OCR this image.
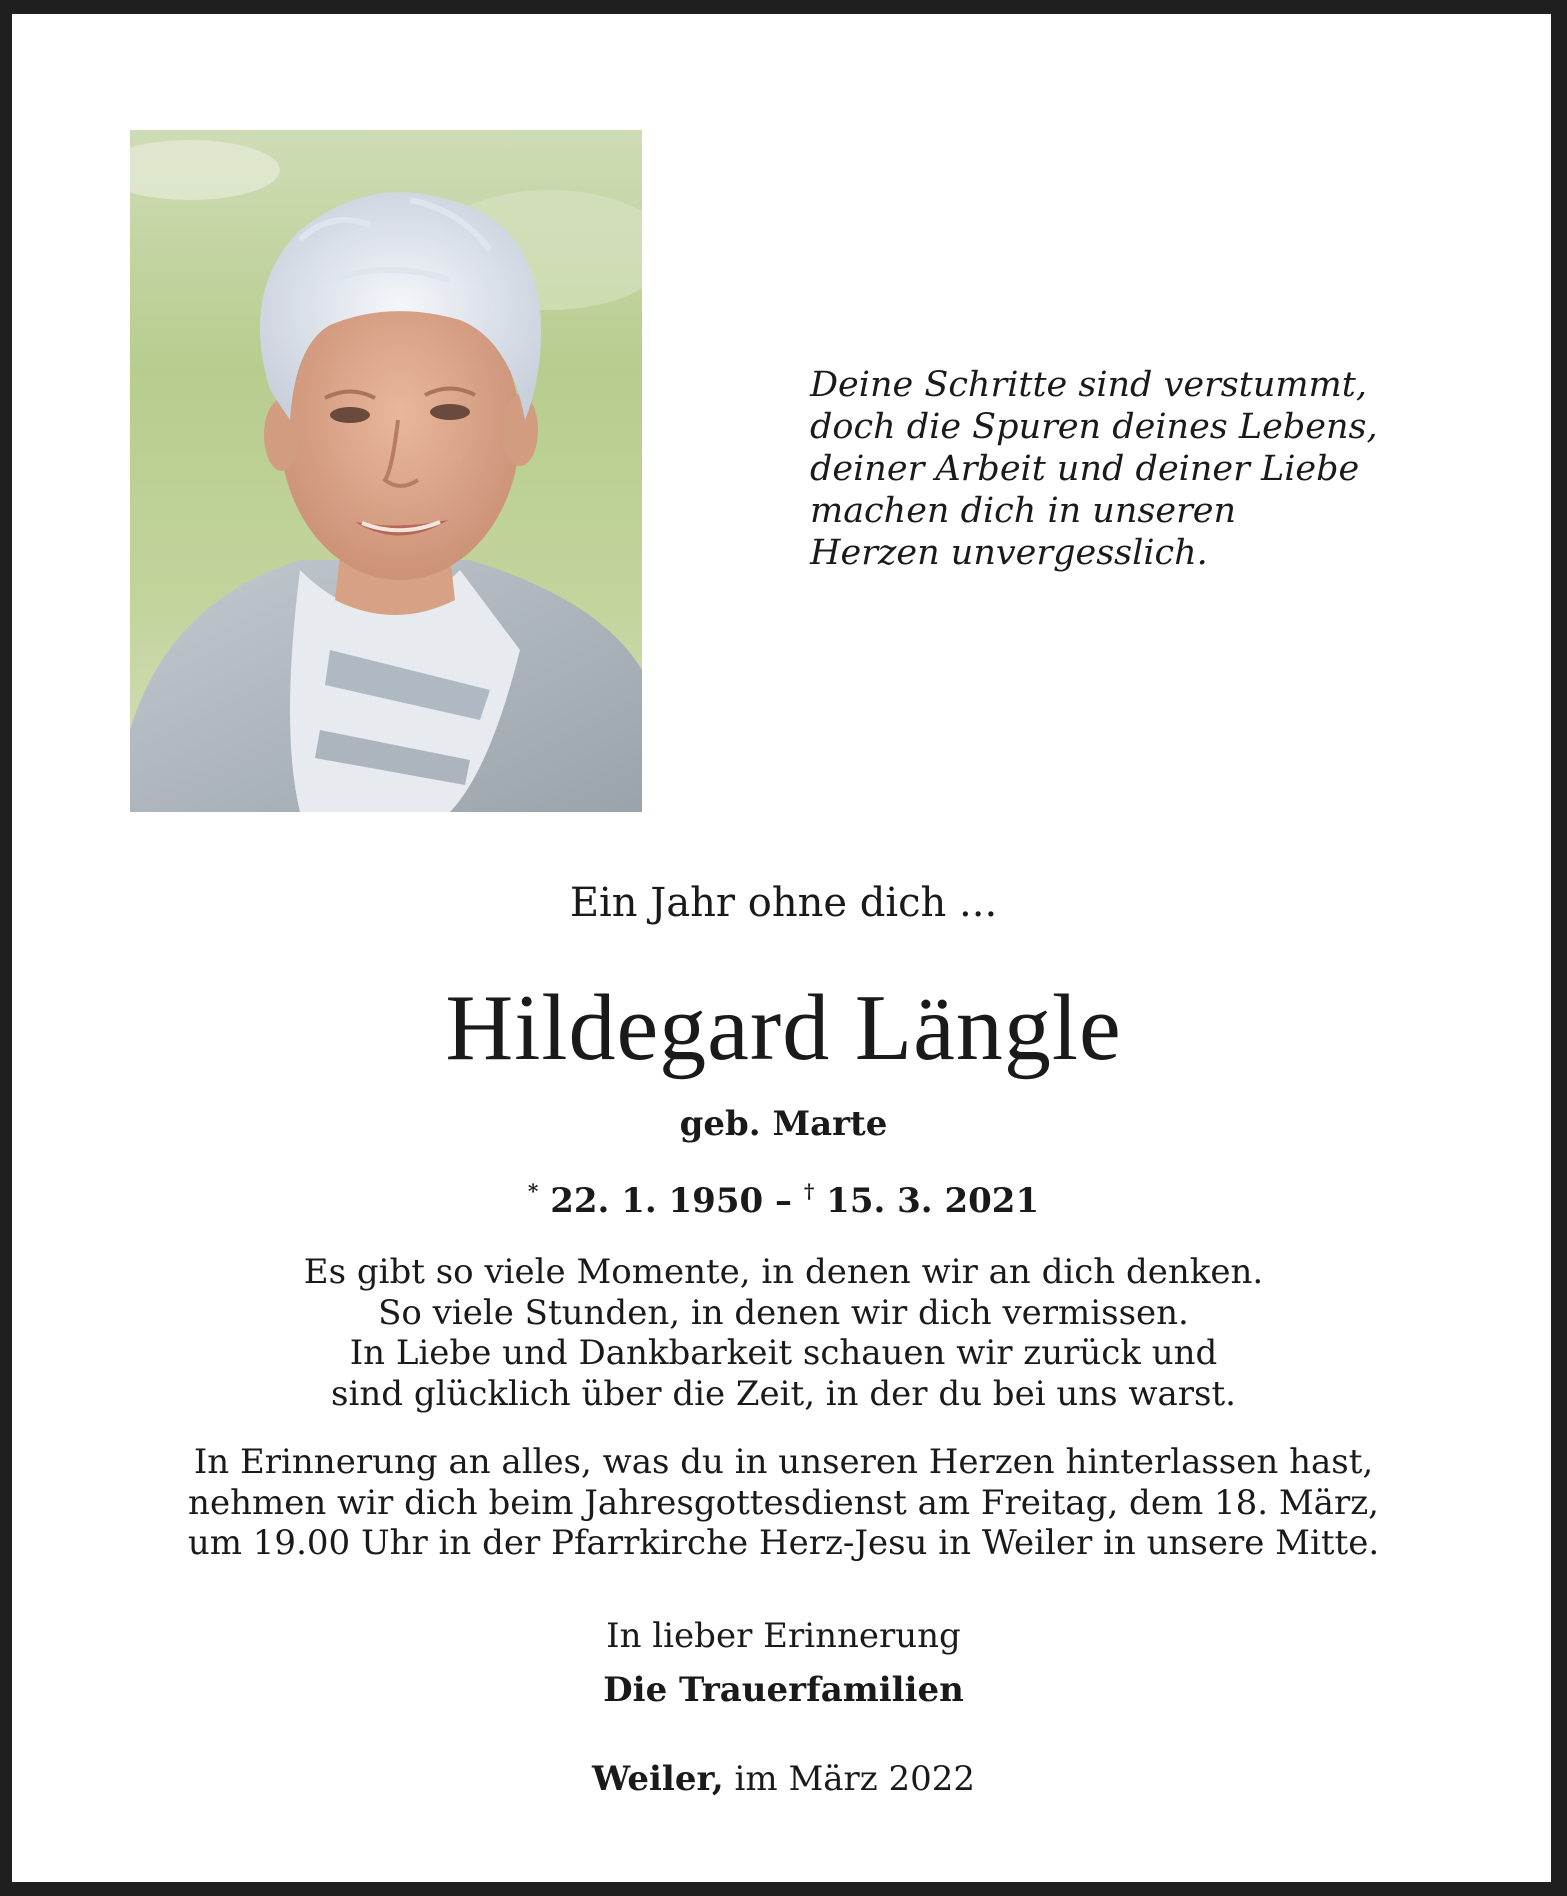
Deine Schritte sind verstummt,
doch die Spuren deines Lebens,
deiner Arbeit und deiner Liebe
machen dich in unseren
Herzen unvergesslich.
Ein Jahr ohne dich ...
Hildegard Längle
geb. Marte
* 22. 1. 1950 – † 15. 3. 2021
Es gibt so viele Momente, in denen wir an dich denken.
So viele Stunden, in denen wir dich vermissen.
In Liebe und Dankbarkeit schauen wir zurück und
sind glücklich über die Zeit, in der du bei uns warst.
In Erinnerung an alles, was du in unseren Herzen hinterlassen hast,
nehmen wir dich beim Jahresgottesdienst am Freitag, dem 18. März,
um 19.00 Uhr in der Pfarrkirche Herz-Jesu in Weiler in unsere Mitte.
In lieber Erinnerung
Die Trauerfamilien
Weiler, im März 2022
